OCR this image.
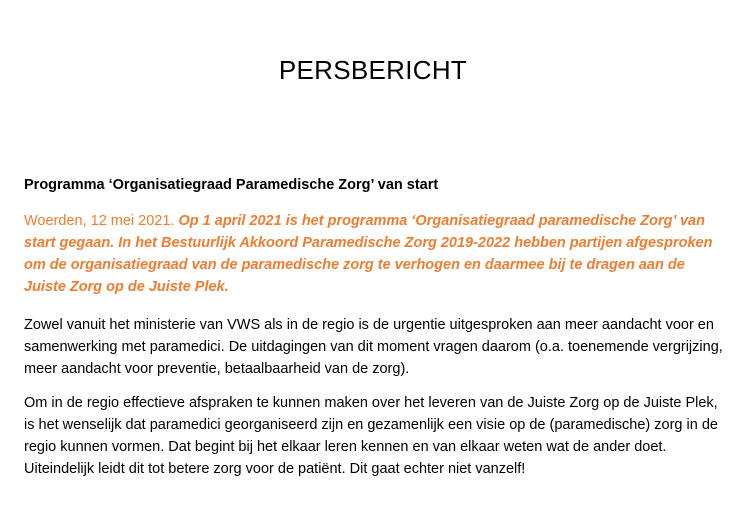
PERSBERICHT

Programma ‘Organisatiegraad Paramedische Zorg’ van start

Woerden, 12 mei 2021. Op 1 april 2021 is het programma ‘Organisatiegraad paramedische Zorg’ van start gegaan. In het Bestuurlijk Akkoord Paramedische Zorg 2019-2022 hebben partijen afgesproken om de organisatiegraad van de paramedische zorg te verhogen en daarmee bij te dragen aan de Juiste Zorg op de Juiste Plek.

Zowel vanuit het ministerie van VWS als in de regio is de urgentie uitgesproken aan meer aandacht voor en samenwerking met paramedici. De uitdagingen van dit moment vragen daarom (o.a. toenemende vergrijzing, meer aandacht voor preventie, betaalbaarheid van de zorg).

Om in de regio effectieve afspraken te kunnen maken over het leveren van de Juiste Zorg op de Juiste Plek, is het wenselijk dat paramedici georganiseerd zijn en gezamenlijk een visie op de (paramedische) zorg in de regio kunnen vormen. Dat begint bij het elkaar leren kennen en van elkaar weten wat de ander doet. Uiteindelijk leidt dit tot betere zorg voor de patiënt. Dit gaat echter niet vanzelf!
